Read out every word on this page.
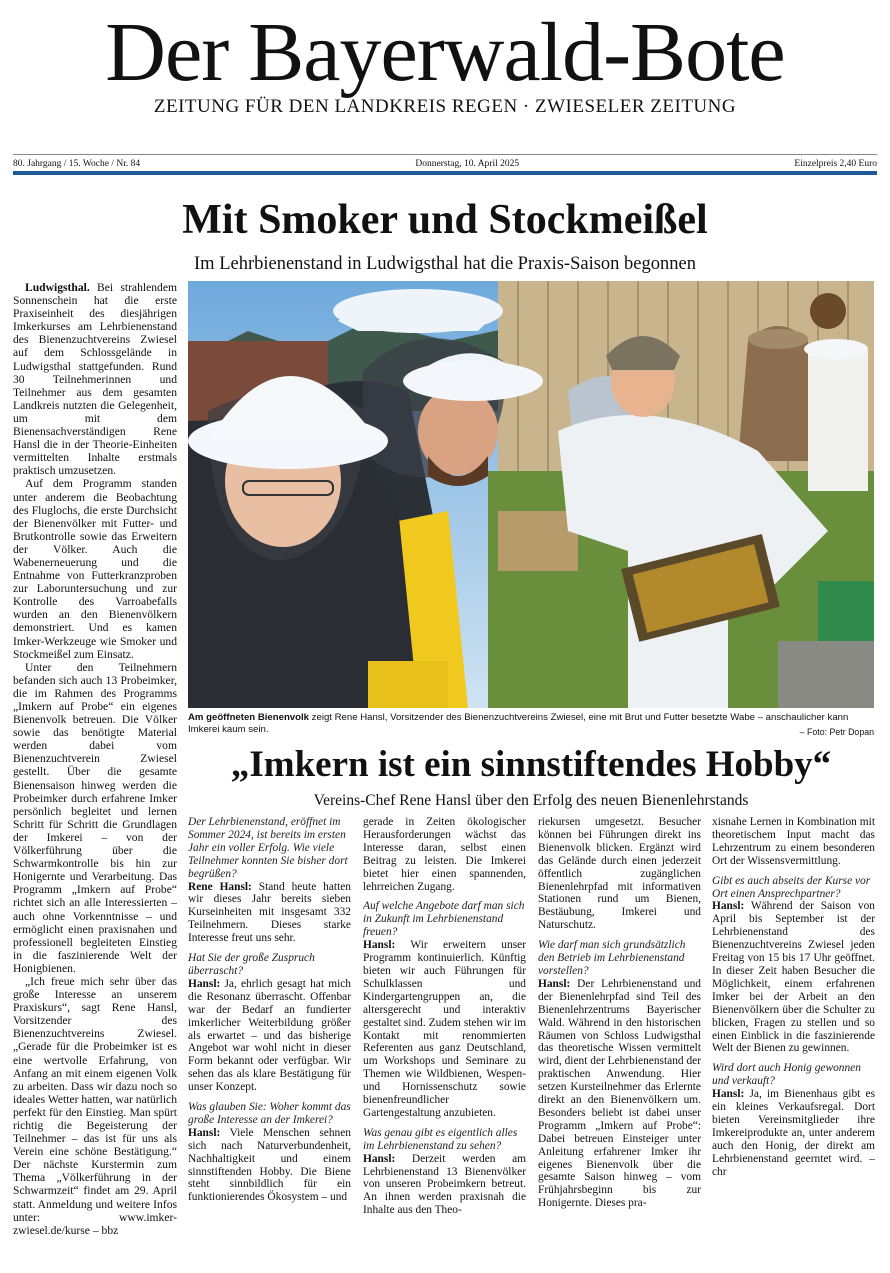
Der Bayerwald-Bote
ZEITUNG FÜR DEN LANDKREIS REGEN · ZWIESELER ZEITUNG
80. Jahrgang / 15. Woche / Nr. 84	Donnerstag, 10. April 2025	Einzelpreis 2,40 Euro
Mit Smoker und Stockmeißel
Im Lehrbienenstand in Ludwigsthal hat die Praxis-Saison begonnen

Ludwigsthal. Bei strahlendem Sonnenschein hat die erste Praxiseinheit des diesjährigen Imkerkurses am Lehrbienenstand des Bienenzuchtvereins Zwiesel auf dem Schlossgelände in Ludwigsthal stattgefunden. Rund 30 Teilnehmerinnen und Teilnehmer aus dem gesamten Landkreis nutzten die Gelegenheit, um mit dem Bienensachverständigen Rene Hansl die in der Theorie-Einheiten vermittelten Inhalte erstmals praktisch umzusetzen.

Auf dem Programm standen unter anderem die Beobachtung des Fluglochs, die erste Durchsicht der Bienenvölker mit Futter- und Brutkontrolle sowie das Erweitern der Völker. Auch die Wabenerneuerung und die Entnahme von Futterkranzproben zur Laboruntersuchung und zur Kontrolle des Varroabefalls wurden an den Bienenvölkern demonstriert. Und es kamen Imker-Werkzeuge wie Smoker und Stockmeißel zum Einsatz.

Unter den Teilnehmern befanden sich auch 13 Probeimker, die im Rahmen des Programms „Imkern auf Probe“ ein eigenes Bienenvolk betreuen. Die Völker sowie das benötigte Material werden dabei vom Bienenzuchtverein Zwiesel gestellt. Über die gesamte Bienensaison hinweg werden die Probeimker durch erfahrene Imker persönlich begleitet und lernen Schritt für Schritt die Grundlagen der Imkerei – von der Völkerführung über die Schwarmkontrolle bis hin zur Honigernte und Verarbeitung. Das Programm „Imkern auf Probe“ richtet sich an alle Interessierten – auch ohne Vorkenntnisse – und ermöglicht einen praxisnahen und professionell begleiteten Einstieg in die faszinierende Welt der Honigbienen.

„Ich freue mich sehr über das große Interesse an unserem Praxiskurs“, sagt Rene Hansl, Vorsitzender des Bienenzuchtvereins Zwiesel. „Gerade für die Probeimker ist es eine wertvolle Erfahrung, von Anfang an mit einem eigenen Volk zu arbeiten. Dass wir dazu noch so ideales Wetter hatten, war natürlich perfekt für den Einstieg. Man spürt richtig die Begeisterung der Teilnehmer – das ist für uns als Verein eine schöne Bestätigung.“ Der nächste Kurstermin zum Thema „Völkerführung in der Schwarmzeit“ findet am 29. April statt. Anmeldung und weitere Infos unter: www.imker-zwiesel.de/kurse – bbz

Am geöffneten Bienenvolk zeigt Rene Hansl, Vorsitzender des Bienenzuchtvereins Zwiesel, eine mit Brut und Futter besetzte Wabe – anschaulicher kann Imkerei kaum sein.	– Foto: Petr Dopan
„Imkern ist ein sinnstiftendes Hobby“
Vereins-Chef Rene Hansl über den Erfolg des neuen Bienenlehrstands

Der Lehrbienenstand, eröffnet im Sommer 2024, ist bereits im ersten Jahr ein voller Erfolg. Wie viele Teilnehmer konnten Sie bisher dort begrüßen?

Rene Hansl: Stand heute hatten wir dieses Jahr bereits sieben Kurseinheiten mit insgesamt 332 Teilnehmern. Dieses starke Interesse freut uns sehr.

Hat Sie der große Zuspruch überrascht?

Hansl: Ja, ehrlich gesagt hat mich die Resonanz überrascht. Offenbar war der Bedarf an fundierter imkerlicher Weiterbildung größer als erwartet – und das bisherige Angebot war wohl nicht in dieser Form bekannt oder verfügbar. Wir sehen das als klare Bestätigung für unser Konzept.

Was glauben Sie: Woher kommt das große Interesse an der Imkerei?

Hansl: Viele Menschen sehnen sich nach Naturverbundenheit, Nachhaltigkeit und einem sinnstiftenden Hobby. Die Biene steht sinnbildlich für ein funktionierendes Ökosystem – und

gerade in Zeiten ökologischer Herausforderungen wächst das Interesse daran, selbst einen Beitrag zu leisten. Die Imkerei bietet hier einen spannenden, lehrreichen Zugang.

Auf welche Angebote darf man sich in Zukunft im Lehrbienenstand freuen?

Hansl: Wir erweitern unser Programm kontinuierlich. Künftig bieten wir auch Führungen für Schulklassen und Kindergartengruppen an, die altersgerecht und interaktiv gestaltet sind. Zudem stehen wir im Kontakt mit renommierten Referenten aus ganz Deutschland, um Workshops und Seminare zu Themen wie Wildbienen, Wespen- und Hornissenschutz sowie bienenfreundlicher Gartengestaltung anzubieten.

Was genau gibt es eigentlich alles im Lehrbienenstand zu sehen?

Hansl: Derzeit werden am Lehrbienenstand 13 Bienenvölker von unseren Probeimkern betreut. An ihnen werden praxisnah die Inhalte aus den Theo-

riekursen umgesetzt. Besucher können bei Führungen direkt ins Bienenvolk blicken. Ergänzt wird das Gelände durch einen jederzeit öffentlich zugänglichen Bienenlehrpfad mit informativen Stationen rund um Bienen, Bestäubung, Imkerei und Naturschutz.

Wie darf man sich grundsätzlich den Betrieb im Lehrbienenstand vorstellen?

Hansl: Der Lehrbienenstand und der Bienenlehrpfad sind Teil des Bienenlehrzentrums Bayerischer Wald. Während in den historischen Räumen von Schloss Ludwigsthal das theoretische Wissen vermittelt wird, dient der Lehrbienenstand der praktischen Anwendung. Hier setzen Kursteilnehmer das Erlernte direkt an den Bienenvölkern um. Besonders beliebt ist dabei unser Programm „Imkern auf Probe“: Dabei betreuen Einsteiger unter Anleitung erfahrener Imker ihr eigenes Bienenvolk über die gesamte Saison hinweg – vom Frühjahrsbeginn bis zur Honigernte. Dieses pra-

xisnahe Lernen in Kombination mit theoretischem Input macht das Lehrzentrum zu einem besonderen Ort der Wissensvermittlung.

Gibt es auch abseits der Kurse vor Ort einen Ansprechpartner?

Hansl: Während der Saison von April bis September ist der Lehrbienenstand des Bienenzuchtvereins Zwiesel jeden Freitag von 15 bis 17 Uhr geöffnet. In dieser Zeit haben Besucher die Möglichkeit, einem erfahrenen Imker bei der Arbeit an den Bienenvölkern über die Schulter zu blicken, Fragen zu stellen und so einen Einblick in die faszinierende Welt der Bienen zu gewinnen.

Wird dort auch Honig gewonnen und verkauft?

Hansl: Ja, im Bienenhaus gibt es ein kleines Verkaufsregal. Dort bieten Vereinsmitglieder ihre Imkereiprodukte an, unter anderem auch den Honig, der direkt am Lehrbienenstand geerntet wird. – chr
